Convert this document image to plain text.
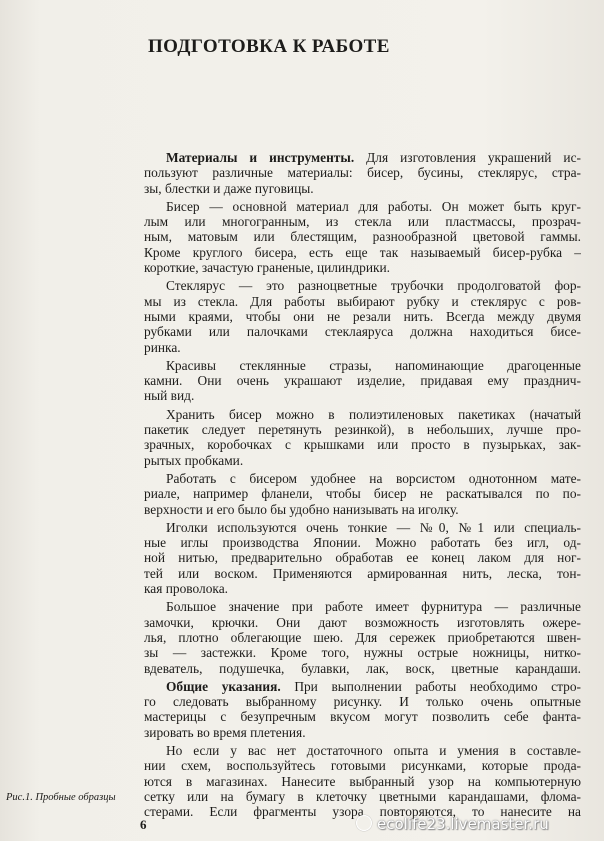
ПОДГОТОВКА К РАБОТЕ
Материалы и инструменты. Для изготовления украшений ис-
пользуют различные материалы: бисер, бусины, стеклярус, стра-
зы, блестки и даже пуговицы.
Бисер — основной материал для работы. Он может быть круг-
лым или многогранным, из стекла или пластмассы, прозрач-
ным, матовым или блестящим, разнообразной цветовой гаммы.
Кроме круглого бисера, есть еще так называемый бисер-рубка –
короткие, зачастую граненые, цилиндрики.
Стеклярус — это разноцветные трубочки продолговатой фор-
мы из стекла. Для работы выбирают рубку и стеклярус с ров-
ными краями, чтобы они не резали нить. Всегда между двумя
рубками или палочками стеклаяруса должна находиться бисе-
ринка.
Красивы стеклянные стразы, напоминающие драгоценные
камни. Они очень украшают изделие, придавая ему празднич-
ный вид.
Хранить бисер можно в полиэтиленовых пакетиках (начатый
пакетик следует перетянуть резинкой), в небольших, лучше про-
зрачных, коробочках с крышками или просто в пузырьках, зак-
рытых пробками.
Работать с бисером удобнее на ворсистом однотонном мате-
риале, например фланели, чтобы бисер не раскатывался по по-
верхности и его было бы удобно нанизывать на иголку.
Иголки используются очень тонкие — №0, №1 или специаль-
ные иглы производства Японии. Можно работать без игл, од-
ной нитью, предварительно обработав ее конец лаком для ног-
тей или воском. Применяются армированная нить, леска, тон-
кая проволока.
Большое значение при работе имеет фурнитура — различные
замочки, крючки. Они дают возможность изготовлять ожере-
лья, плотно облегающие шею. Для сережек приобретаются швен-
зы — застежки. Кроме того, нужны острые ножницы, нитко-
вдеватель, подушечка, булавки, лак, воск, цветные карандаши.
Общие указания. При выполнении работы необходимо стро-
го следовать выбранному рисунку. И только очень опытные
мастерицы с безупречным вкусом могут позволить себе фанта-
зировать во время плетения.
Но если у вас нет достаточного опыта и умения в составле-
нии схем, воспользуйтесь готовыми рисунками, которые прода-
ются в магазинах. Нанесите выбранный узор на компьютерную
сетку или на бумагу в клеточку цветными карандашами, флома-
стерами. Если фрагменты узора повторяются, то нанесите на
Рис.1. Пробные образцы
6	ecolife23.livemaster.ru
